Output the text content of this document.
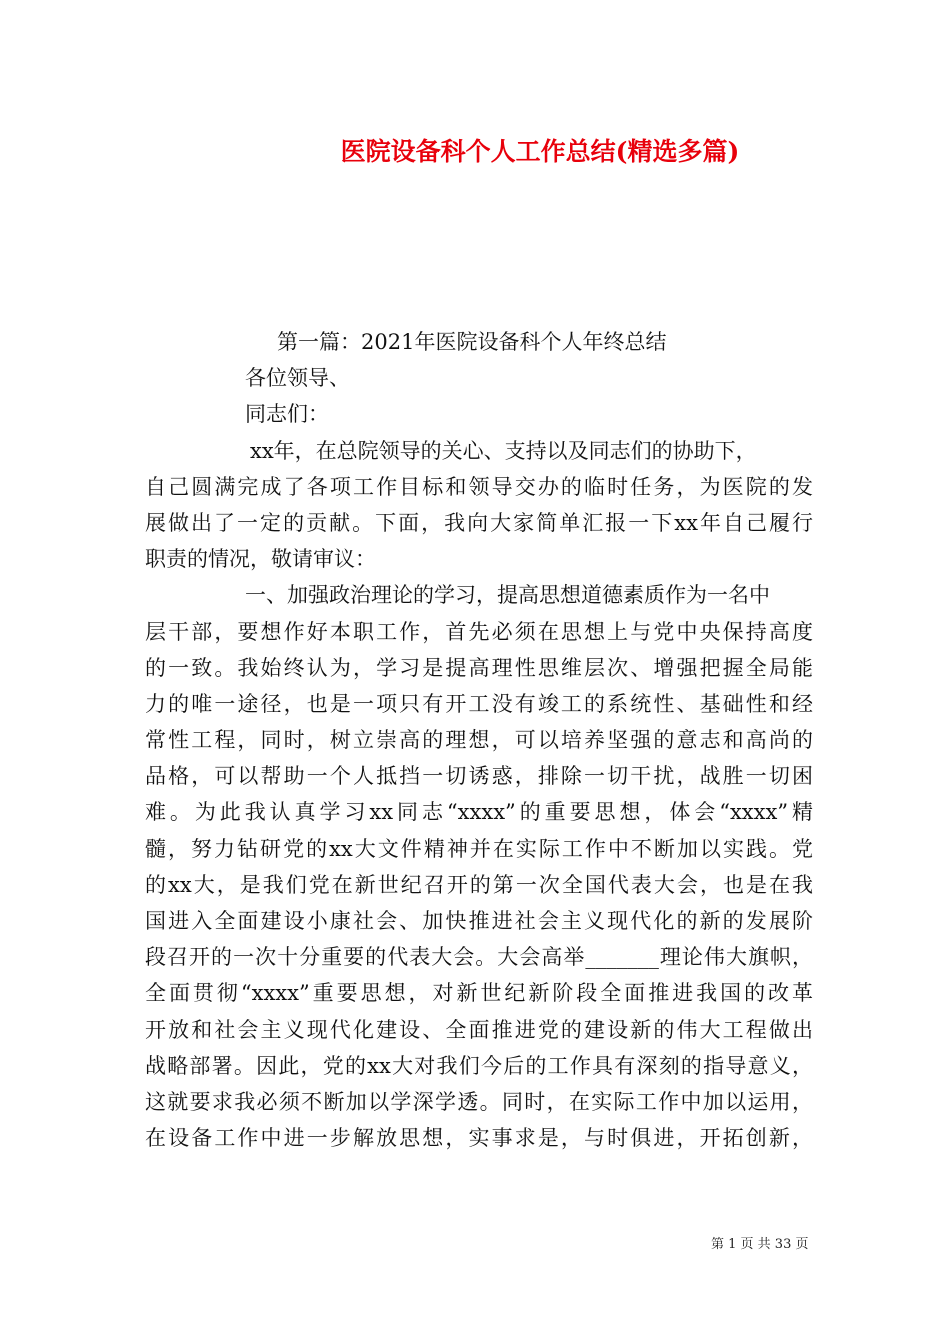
医院设备科个人工作总结(精选多篇)
第一篇：2021年医院设备科个人年终总结
各位领导、
同志们：
xx年，在总院领导的关心、支持以及同志们的协助下，
自己圆满完成了各项工作目标和领导交办的临时任务，为医院的发
展做出了一定的贡献。下面，我向大家简单汇报一下xx年自己履行
职责的情况，敬请审议：
一、加强政治理论的学习，提高思想道德素质作为一名中
层干部，要想作好本职工作，首先必须在思想上与党中央保持高度
的一致。我始终认为，学习是提高理性思维层次、增强把握全局能
力的唯一途径，也是一项只有开工没有竣工的系统性、基础性和经
常性工程，同时，树立崇高的理想，可以培养坚强的意志和高尚的
品格，可以帮助一个人抵挡一切诱惑，排除一切干扰，战胜一切困
难。为此我认真学习xx同志“xxxx”的重要思想，体会“xxxx”精
髓，努力钻研党的xx大文件精神并在实际工作中不断加以实践。党
的xx大，是我们党在新世纪召开的第一次全国代表大会，也是在我
国进入全面建设小康社会、加快推进社会主义现代化的新的发展阶
段召开的一次十分重要的代表大会。大会高举_______理论伟大旗帜，
全面贯彻“xxxx”重要思想，对新世纪新阶段全面推进我国的改革
开放和社会主义现代化建设、全面推进党的建设新的伟大工程做出
战略部署。因此，党的xx大对我们今后的工作具有深刻的指导意义，
这就要求我必须不断加以学深学透。同时，在实际工作中加以运用，
在设备工作中进一步解放思想，实事求是，与时俱进，开拓创新，
第 1 页 共 33 页
